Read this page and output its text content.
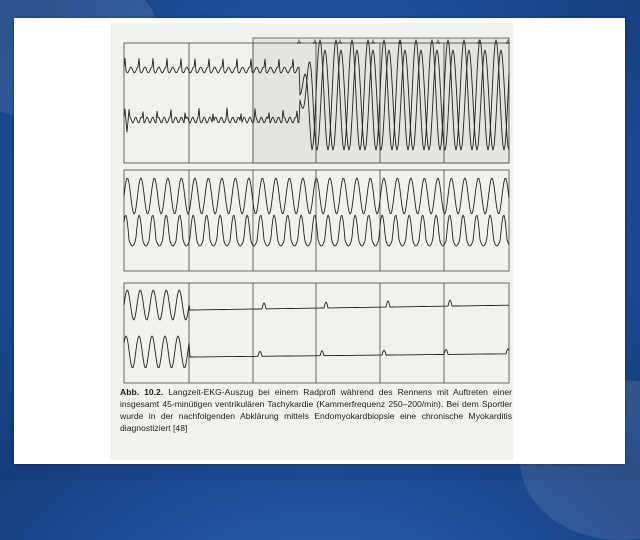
A A	A	A	A	A	A	A
Abb. 10.2. Langzeit-EKG-Auszug bei einem Radprofi während des Rennens mit Auftreten einer insgesamt 45-minütigen ventrikulären Tachykardie (Kammerfrequenz 250–200/min). Bei dem Sportler wurde in der nachfolgenden Abklärung mittels Endomyokardbiopsie eine chronische Myokarditis diagnostiziert [48]
